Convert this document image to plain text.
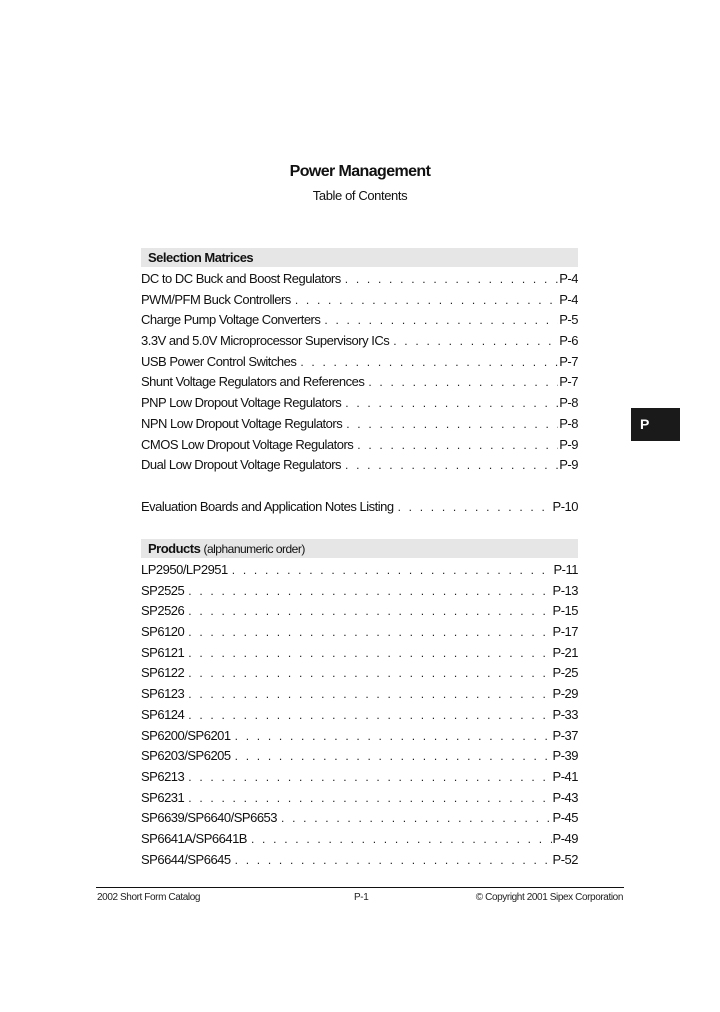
Power Management
Table of Contents
Selection Matrices
DC to DC Buck and Boost Regulators . . .	P-4
PWM/PFM Buck Controllers . . .	P-4
Charge Pump Voltage Converters . . .	P-5
3.3V and 5.0V Microprocessor Supervisory ICs . . .	P-6
USB Power Control Switches . . .	P-7
Shunt Voltage Regulators and References . . .	P-7
PNP Low Dropout Voltage Regulators . . .	P-8
NPN Low Dropout Voltage Regulators . . .	P-8
CMOS Low Dropout Voltage Regulators . . .	P-9
Dual Low Dropout Voltage Regulators . . .	P-9
Evaluation Boards and Application Notes Listing . . .	P-10
Products (alphanumeric order)
LP2950/LP2951 . . .	P-11
SP2525 . . .	P-13
SP2526 . . .	P-15
SP6120 . . .	P-17
SP6121 . . .	P-21
SP6122 . . .	P-25
SP6123 . . .	P-29
SP6124 . . .	P-33
SP6200/SP6201 . . .	P-37
SP6203/SP6205 . . .	P-39
SP6213 . . .	P-41
SP6231 . . .	P-43
SP6639/SP6640/SP6653 . . .	P-45
SP6641A/SP6641B . . .	P-49
SP6644/SP6645 . . .	P-52
P
2002 Short Form Catalog	P-1	© Copyright 2001 Sipex Corporation
